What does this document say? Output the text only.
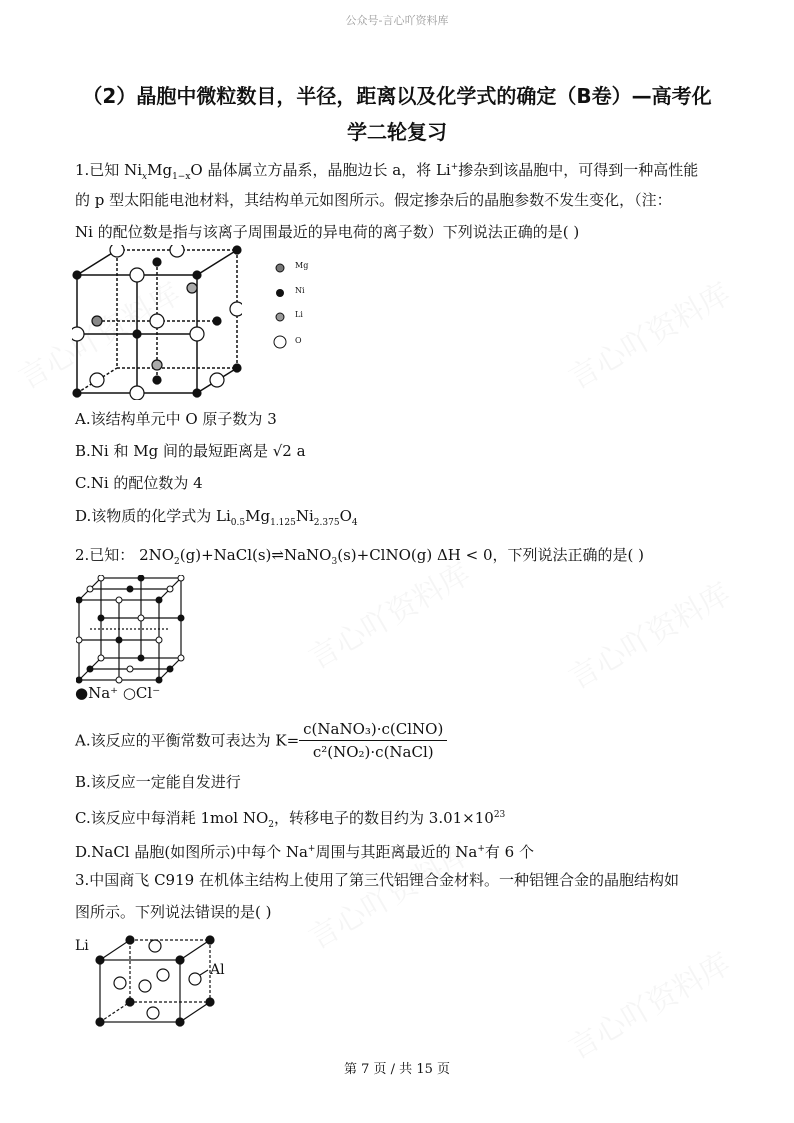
公众号-言心吖资料库
（2）晶胞中微粒数目，半径，距离以及化学式的确定（B卷）—高考化
学二轮复习
1.已知 $Ni_xMg_{1-x}O$ 晶体属立方晶系，晶胞边长 a，将 Li+掺杂到该晶胞中，可得到一种高性能
的 p 型太阳能电池材料，其结构单元如图所示。假定掺杂后的晶胞参数不发生变化，（注：
Ni 的配位数是指与该离子周围最近的异电荷的离子数）下列说法正确的是( )
Mg
Ni
Li
O
A.该结构单元中 O 原子数为 3
B.Ni 和 Mg 间的最短距离是 √2 a
C.Ni 的配位数为 4
D.该物质的化学式为 $Li_{0.5}Mg_{1.125}Ni_{2.375}O_4$
2.已知： $2NO_2(g)+NaCl(s)\rightleftharpoons NaNO_3(s)+ClNO(g) \Delta H < 0$，下列说法正确的是( )
●Na⁺ ○Cl⁻
A.该反应的平衡常数可表达为 $K= \frac{\text{c(NaNO₃)·c(ClNO)}}{\text{c²(NO₂)·c(NaCl)}}$
B.该反应一定能自发进行
C.该反应中每消耗 1mol $NO_2$，转移电子的数目约为 $3.01\times 10^{23}$
D.NaCl 晶胞(如图所示)中每个 Na+周围与其距离最近的 Na+有 6 个
3.中国商飞 C919 在机体主结构上使用了第三代铝锂合金材料。一种铝锂合金的晶胞结构如
图所示。下列说法错误的是( )
Li
Al
第 7 页 / 共 15 页
